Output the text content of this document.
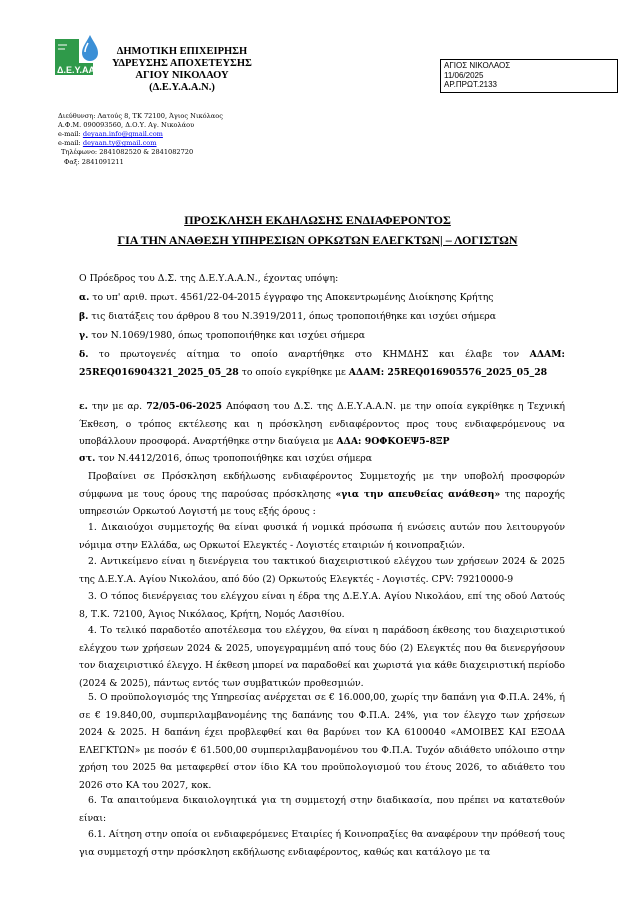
Δ.Ε.Υ.ΑΑΝ
ΔΗΜΟΤΙΚΗ ΕΠΙΧΕΙΡΗΣΗ
ΥΔΡΕΥΣΗΣ ΑΠΟΧΕΤΕΥΣΗΣ
ΑΓΙΟΥ ΝΙΚΟΛΑΟΥ
(Δ.Ε.Υ.Α.Α.Ν.)
ΑΓΙΟΣ ΝΙΚΟΛΑΟΣ
11/06/2025
ΑΡ.ΠΡΩΤ.2133
Διεύθυνση: Λατούς 8, ΤΚ 72100, Άγιος Νικόλαος
Α.Φ.Μ. 090093560, Δ.Ο.Υ. Αγ. Νικολάου
e-mail: deyaan.info@gmail.com
e-mail: deyaan.ty@gmail.com
Τηλέφωνο: 2841082520 & 2841082720
Φαξ: 2841091211
ΠΡΟΣΚΛΗΣΗ ΕΚΔΗΛΩΣΗΣ ΕΝΔΙΑΦΕΡΟΝΤΟΣ
ΓΙΑ ΤΗΝ ΑΝΑΘΕΣΗ ΥΠΗΡΕΣΙΩΝ ΟΡΚΩΤΩΝ ΕΛΕΓΚΤΩΝ| – ΛΟΓΙΣΤΩΝ
Ο Πρόεδρος του Δ.Σ. της Δ.Ε.Υ.Α.Α.Ν., έχοντας υπόψη:
α. το υπ' αριθ. πρωτ. 4561/22-04-2015 έγγραφο της Αποκεντρωμένης Διοίκησης Κρήτης
β. τις διατάξεις του άρθρου 8 του Ν.3919/2011, όπως τροποποιήθηκε και ισχύει σήμερα
γ. τον Ν.1069/1980, όπως τροποποιήθηκε και ισχύει σήμερα
δ. το πρωτογενές αίτημα το οποίο αναρτήθηκε στο ΚΗΜΔΗΣ και έλαβε τον ΑΔΑΜ: 25REQ016904321_2025_05_28 το οποίο εγκρίθηκε με ΑΔΑΜ: 25REQ016905576_2025_05_28
ε. την με αρ. 72/05-06-2025 Απόφαση του Δ.Σ. της Δ.Ε.Υ.Α.Α.Ν. με την οποία εγκρίθηκε η Τεχνική Έκθεση, ο τρόπος εκτέλεσης και η πρόσκληση ενδιαφέροντος προς τους ενδιαφερόμενους να υποβάλλουν προσφορά. Αναρτήθηκε στην διαύγεια με ΑΔΑ: 9ΟΦΚΟΕΨ5-8ΞΡ
στ. τον Ν.4412/2016, όπως τροποποιήθηκε και ισχύει σήμερα
Προβαίνει σε Πρόσκληση εκδήλωσης ενδιαφέροντος Συμμετοχής με την υποβολή προσφορών σύμφωνα με τους όρους της παρούσας πρόσκλησης «για την απευθείας ανάθεση» της παροχής υπηρεσιών Ορκωτού Λογιστή με τους εξής όρους :
1. Δικαιούχοι συμμετοχής θα είναι φυσικά ή νομικά πρόσωπα ή ενώσεις αυτών που λειτουργούν νόμιμα στην Ελλάδα, ως Ορκωτοί Ελεγκτές - Λογιστές εταιριών ή κοινοπραξιών.
2. Αντικείμενο είναι η διενέργεια του τακτικού διαχειριστικού ελέγχου των χρήσεων 2024 & 2025 της Δ.Ε.Υ.Α. Αγίου Νικολάου, από δύο (2) Ορκωτούς Ελεγκτές - Λογιστές. CPV: 79210000-9
3. Ο τόπος διενέργειας του ελέγχου είναι η έδρα της Δ.Ε.Υ.Α. Αγίου Νικολάου, επί της οδού Λατούς 8, Τ.Κ. 72100, Άγιος Νικόλαος, Κρήτη, Νομός Λασιθίου.
4. Το τελικό παραδοτέο αποτέλεσμα του ελέγχου, θα είναι η παράδοση έκθεσης του διαχειριστικού ελέγχου των χρήσεων 2024 & 2025, υπογεγραμμένη από τους δύο (2) Ελεγκτές που θα διενεργήσουν τον διαχειριστικό έλεγχο. Η έκθεση μπορεί να παραδοθεί και χωριστά για κάθε διαχειριστική περίοδο (2024 & 2025), πάντως εντός των συμβατικών προθεσμιών.
5. Ο προϋπολογισμός της Υπηρεσίας ανέρχεται σε € 16.000,00, χωρίς την δαπάνη για Φ.Π.Α. 24%, ή σε € 19.840,00, συμπεριλαμβανομένης της δαπάνης του Φ.Π.Α. 24%, για τον έλεγχο των χρήσεων 2024 & 2025. Η δαπάνη έχει προβλεφθεί και θα βαρύνει τον ΚΑ 6100040 «ΑΜΟΙΒΕΣ ΚΑΙ ΕΞΟΔΑ ΕΛΕΓΚΤΩΝ» με ποσόν € 61.500,00 συμπεριλαμβανομένου του Φ.Π.Α. Τυχόν αδιάθετο υπόλοιπο στην χρήση του 2025 θα μεταφερθεί στον ίδιο ΚΑ του προϋπολογισμού του έτους 2026, το αδιάθετο του 2026 στο ΚΑ του 2027, κοκ.
6. Τα απαιτούμενα δικαιολογητικά για τη συμμετοχή στην διαδικασία, που πρέπει να κατατεθούν είναι:
6.1. Αίτηση στην οποία οι ενδιαφερόμενες Εταιρίες ή Κοινοπραξίες θα αναφέρουν την πρόθεσή τους για συμμετοχή στην πρόσκληση εκδήλωσης ενδιαφέροντος, καθώς και κατάλογο με τα
